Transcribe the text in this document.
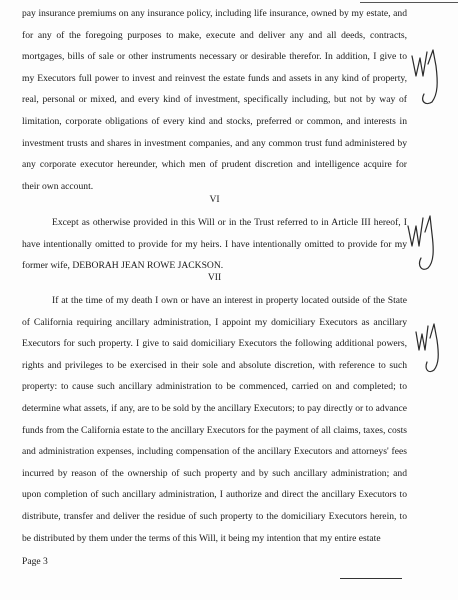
pay insurance premiums on any insurance policy, including life insurance, owned by my estate, and for any of the foregoing purposes to make, execute and deliver any and all deeds, contracts, mortgages, bills of sale or other instruments necessary or desirable therefor. In addition, I give to my Executors full power to invest and reinvest the estate funds and assets in any kind of property, real, personal or mixed, and every kind of investment, specifically including, but not by way of limitation, corporate obligations of every kind and stocks, preferred or common, and interests in investment trusts and shares in investment companies, and any common trust fund administered by any corporate executor hereunder, which men of prudent discretion and intelligence acquire for their own account.
VI
Except as otherwise provided in this Will or in the Trust referred to in Article III hereof, I have intentionally omitted to provide for my heirs. I have intentionally omitted to provide for my former wife, DEBORAH JEAN ROWE JACKSON.
VII
If at the time of my death I own or have an interest in property located outside of the State of California requiring ancillary administration, I appoint my domiciliary Executors as ancillary Executors for such property. I give to said domiciliary Executors the following additional powers, rights and privileges to be exercised in their sole and absolute discretion, with reference to such property: to cause such ancillary administration to be commenced, carried on and completed; to determine what assets, if any, are to be sold by the ancillary Executors; to pay directly or to advance funds from the California estate to the ancillary Executors for the payment of all claims, taxes, costs and administration expenses, including compensation of the ancillary Executors and attorneys' fees incurred by reason of the ownership of such property and by such ancillary administration; and upon completion of such ancillary administration, I authorize and direct the ancillary Executors to distribute, transfer and deliver the residue of such property to the domiciliary Executors herein, to be distributed by them under the terms of this Will, it being my intention that my entire estate
Page 3
